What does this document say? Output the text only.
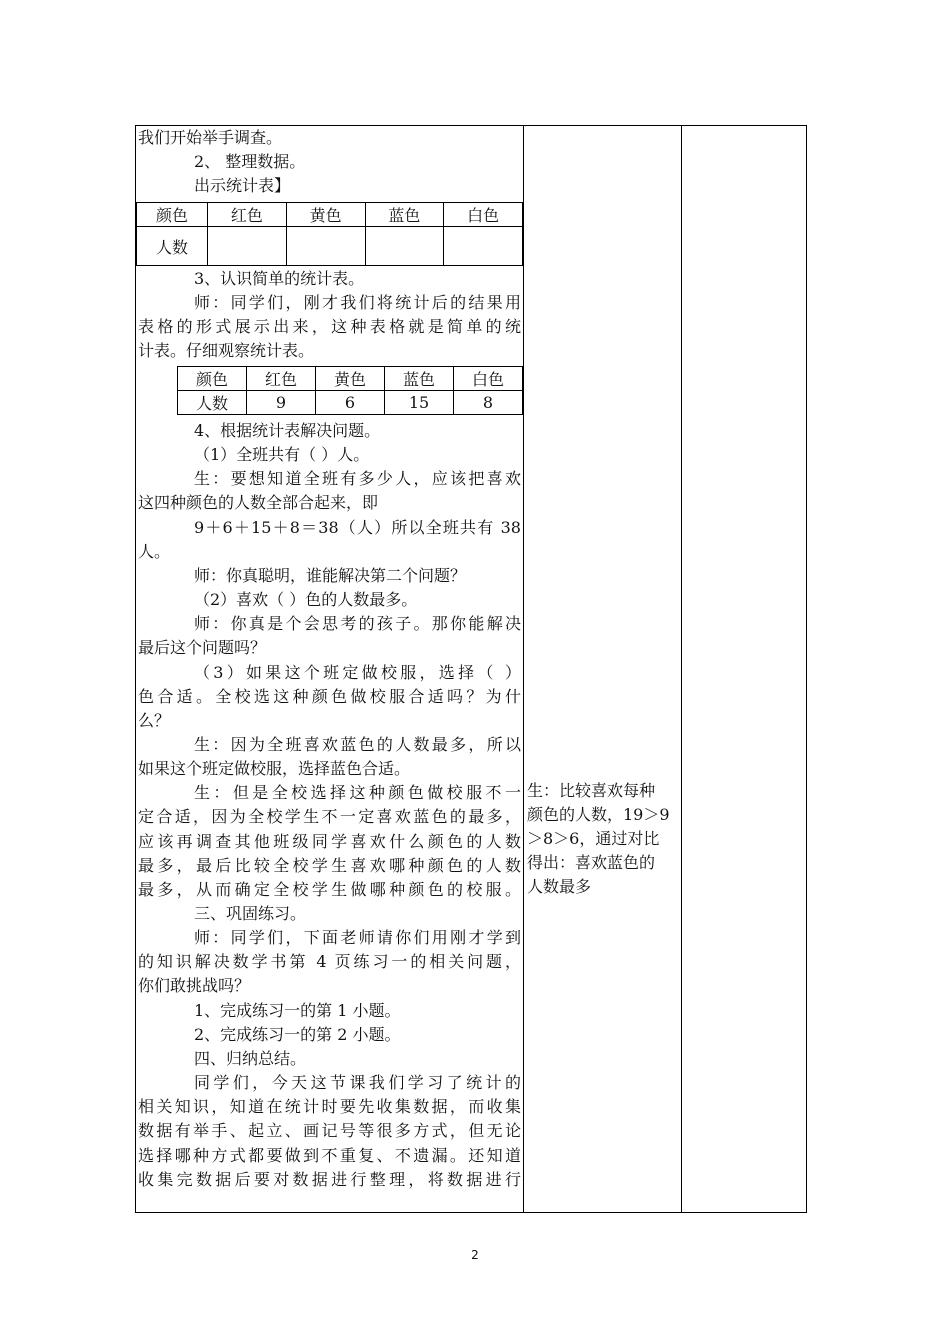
我们开始举手调查。
2、 整理数据。
出示统计表】
颜色	红色	黄色	蓝色	白色
人数				
3、认识简单的统计表。
师：同学们，刚才我们将统计后的结果用
表格的形式展示出来，这种表格就是简单的统
计表。仔细观察统计表。
颜色	红色	黄色	蓝色	白色
人数	9	6	15	8
4、根据统计表解决问题。
（1）全班共有（ ）人。
生：要想知道全班有多少人，应该把喜欢
这四种颜色的人数全部合起来，即
9＋6＋15＋8＝38（人）所以全班共有 38
人。
师：你真聪明，谁能解决第二个问题？
（2）喜欢（ ）色的人数最多。
师：你真是个会思考的孩子。那你能解决
最后这个问题吗？
（3）如果这个班定做校服，选择（ ）
色合适。全校选这种颜色做校服合适吗？为什
么？
生：因为全班喜欢蓝色的人数最多，所以
如果这个班定做校服，选择蓝色合适。
生：但是全校选择这种颜色做校服不一
定合适，因为全校学生不一定喜欢蓝色的最多，
应该再调查其他班级同学喜欢什么颜色的人数
最多，最后比较全校学生喜欢哪种颜色的人数
最多，从而确定全校学生做哪种颜色的校服。
三、巩固练习。
师：同学们，下面老师请你们用刚才学到
的知识解决数学书第 4 页练习一的相关问题，
你们敢挑战吗？
1、完成练习一的第 1 小题。
2、完成练习一的第 2 小题。
四、归纳总结。
同学们，今天这节课我们学习了统计的
相关知识，知道在统计时要先收集数据，而收集
数据有举手、起立、画记号等很多方式，但无论
选择哪种方式都要做到不重复、不遗漏。还知道
收集完数据后要对数据进行整理，将数据进行
生：比较喜欢每种
颜色的人数，19＞9
＞8＞6，通过对比
得出：喜欢蓝色的
人数最多
2
